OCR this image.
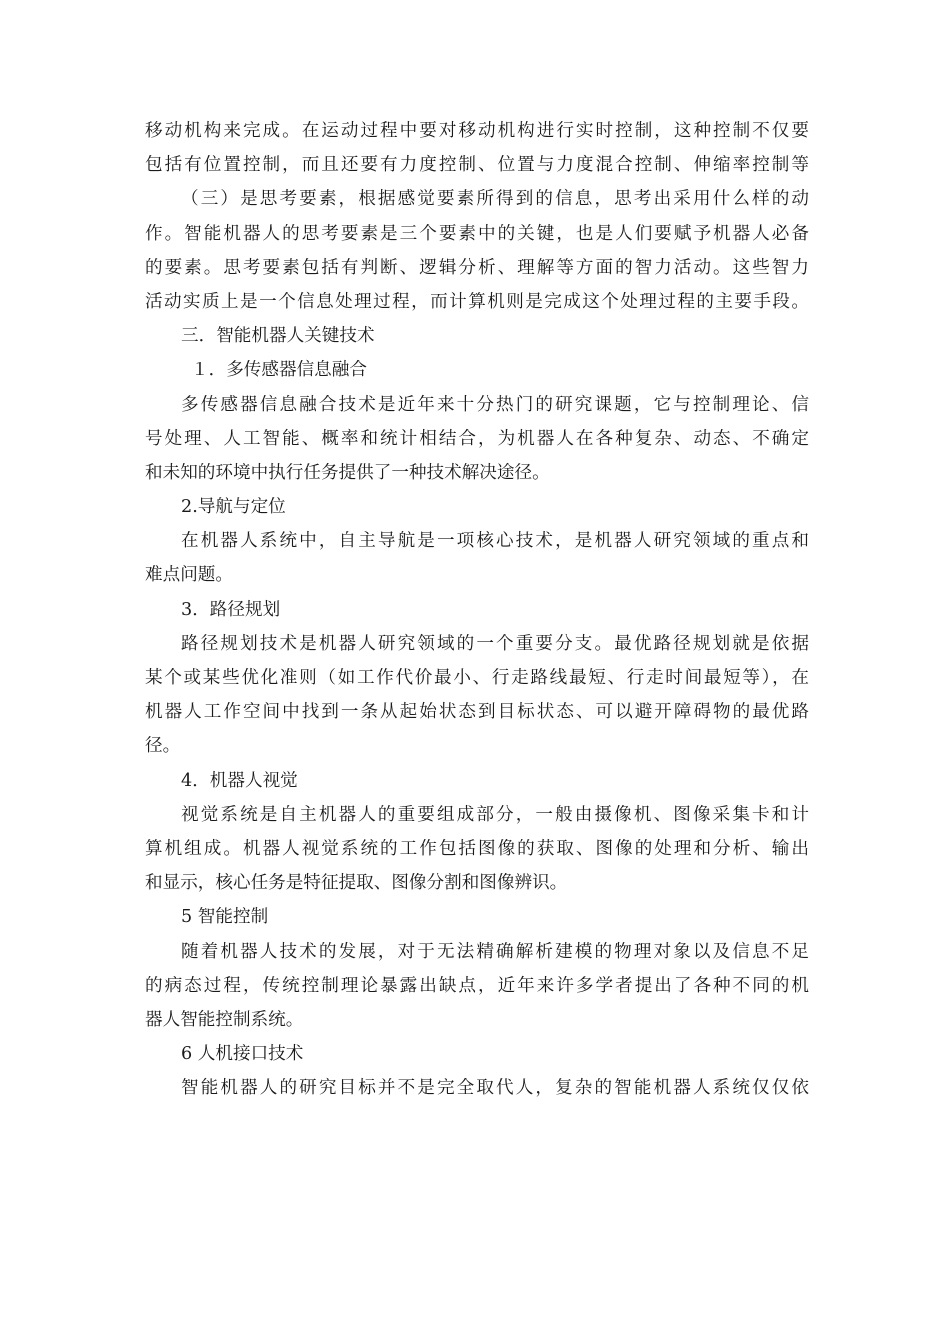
移动机构来完成。在运动过程中要对移动机构进行实时控制，这种控制不仅要
包括有位置控制，而且还要有力度控制、位置与力度混合控制、伸缩率控制等
（三）是思考要素，根据感觉要素所得到的信息，思考出采用什么样的动
作。智能机器人的思考要素是三个要素中的关键，也是人们要赋予机器人必备
的要素。思考要素包括有判断、逻辑分析、理解等方面的智力活动。这些智力
活动实质上是一个信息处理过程，而计算机则是完成这个处理过程的主要手段。
三．智能机器人关键技术
１．多传感器信息融合
多传感器信息融合技术是近年来十分热门的研究课题，它与控制理论、信
号处理、人工智能、概率和统计相结合，为机器人在各种复杂、动态、不确定
和未知的环境中执行任务提供了一种技术解决途径。
2.导航与定位
在机器人系统中，自主导航是一项核心技术，是机器人研究领域的重点和
难点问题。
3．路径规划
路径规划技术是机器人研究领域的一个重要分支。最优路径规划就是依据
某个或某些优化准则（如工作代价最小、行走路线最短、行走时间最短等），在
机器人工作空间中找到一条从起始状态到目标状态、可以避开障碍物的最优路
径。
4．机器人视觉
视觉系统是自主机器人的重要组成部分，一般由摄像机、图像采集卡和计
算机组成。机器人视觉系统的工作包括图像的获取、图像的处理和分析、输出
和显示，核心任务是特征提取、图像分割和图像辨识。
5 智能控制
随着机器人技术的发展，对于无法精确解析建模的物理对象以及信息不足
的病态过程，传统控制理论暴露出缺点，近年来许多学者提出了各种不同的机
器人智能控制系统。
6 人机接口技术
智能机器人的研究目标并不是完全取代人，复杂的智能机器人系统仅仅依
